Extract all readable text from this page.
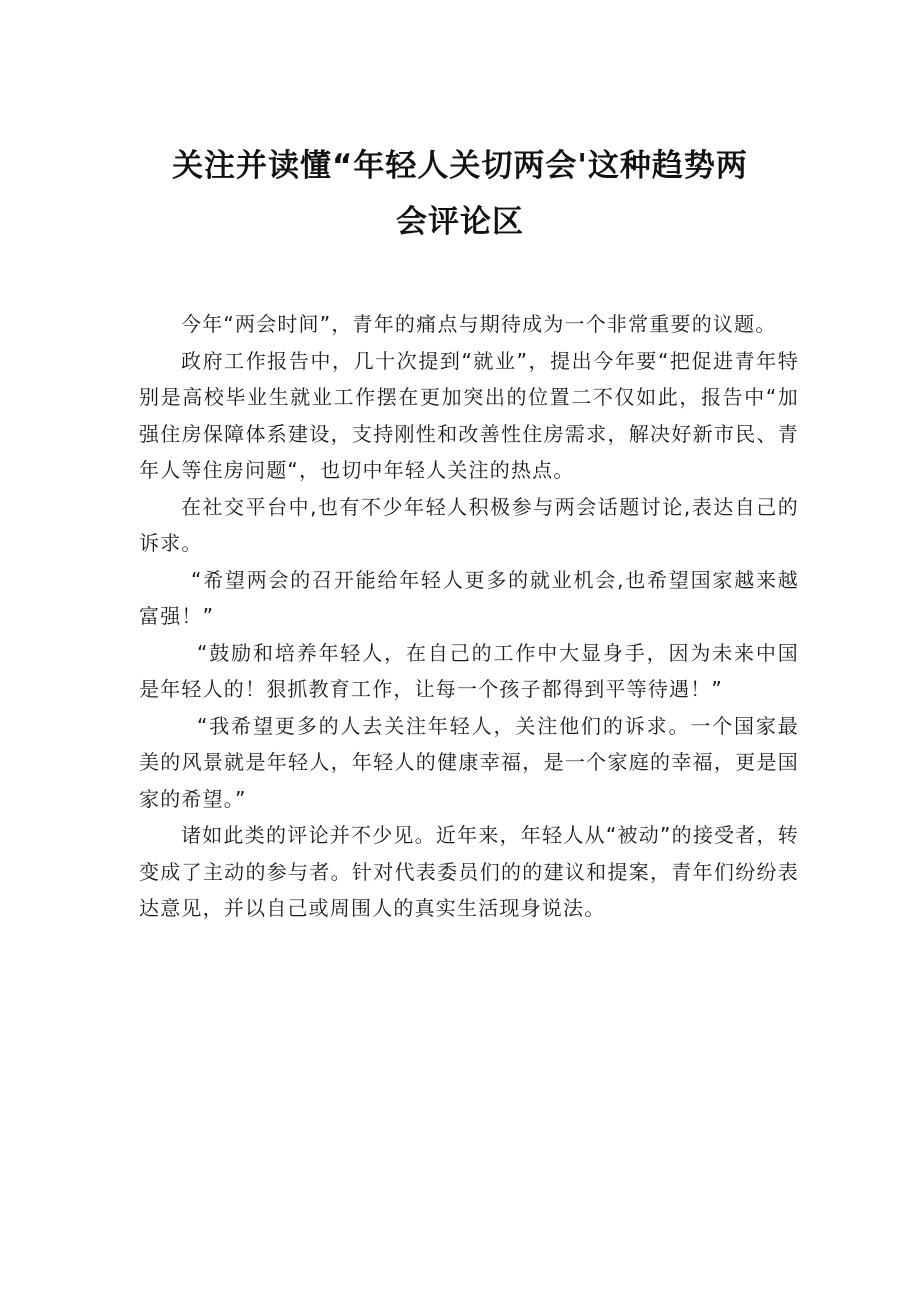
关注并读懂“年轻人关切两会'这种趋势两
会评论区

今年“两会时间”，青年的痛点与期待成为一个非常重要的议题。

政府工作报告中，几十次提到“就业”，提出今年要“把促进青年特别是高校毕业生就业工作摆在更加突出的位置二不仅如此，报告中“加强住房保障体系建设，支持刚性和改善性住房需求，解决好新市民、青年人等住房问题“，也切中年轻人关注的热点。

在社交平台中,也有不少年轻人积极参与两会话题讨论,表达自己的诉求。

“希望两会的召开能给年轻人更多的就业机会,也希望国家越来越富强！”

“鼓励和培养年轻人，在自己的工作中大显身手，因为未来中国是年轻人的！狠抓教育工作，让每一个孩子都得到平等待遇！”

“我希望更多的人去关注年轻人，关注他们的诉求。一个国家最美的风景就是年轻人，年轻人的健康幸福，是一个家庭的幸福，更是国家的希望。”

诸如此类的评论并不少见。近年来，年轻人从“被动”的接受者，转变成了主动的参与者。针对代表委员们的的建议和提案，青年们纷纷表达意见，并以自己或周围人的真实生活现身说法。
